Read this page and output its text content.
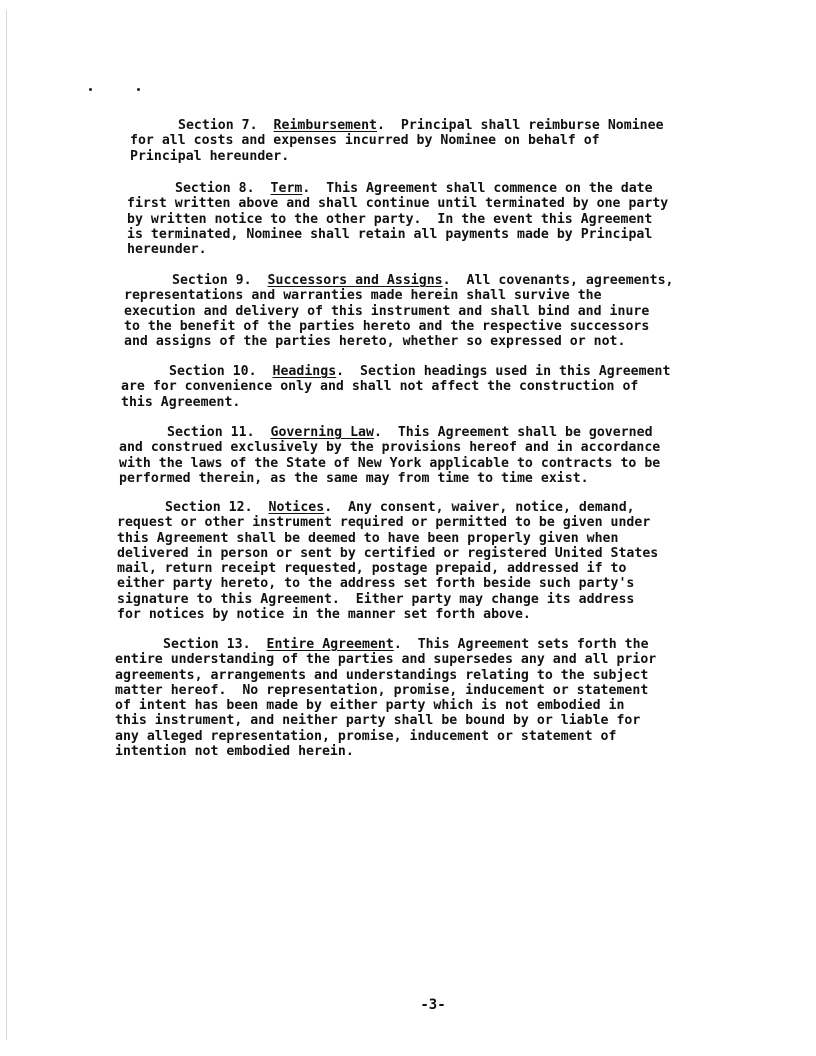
Section 7. Reimbursement.  Principal shall reimburse Nominee
for all costs and expenses incurred by Nominee on behalf of
Principal hereunder.
Section 8. Term.  This Agreement shall commence on the date
first written above and shall continue until terminated by one party
by written notice to the other party.  In the event this Agreement
is terminated, Nominee shall retain all payments made by Principal
hereunder.
Section 9. Successors and Assigns.  All covenants, agreements,
representations and warranties made herein shall survive the
execution and delivery of this instrument and shall bind and inure
to the benefit of the parties hereto and the respective successors
and assigns of the parties hereto, whether so expressed or not.
Section 10. Headings.  Section headings used in this Agreement
are for convenience only and shall not affect the construction of
this Agreement.
Section 11. Governing Law.  This Agreement shall be governed
and construed exclusively by the provisions hereof and in accordance
with the laws of the State of New York applicable to contracts to be
performed therein, as the same may from time to time exist.
Section 12. Notices.  Any consent, waiver, notice, demand,
request or other instrument required or permitted to be given under
this Agreement shall be deemed to have been properly given when
delivered in person or sent by certified or registered United States
mail, return receipt requested, postage prepaid, addressed if to
either party hereto, to the address set forth beside such party's
signature to this Agreement.  Either party may change its address
for notices by notice in the manner set forth above.
Section 13. Entire Agreement.  This Agreement sets forth the
entire understanding of the parties and supersedes any and all prior
agreements, arrangements and understandings relating to the subject
matter hereof.  No representation, promise, inducement or statement
of intent has been made by either party which is not embodied in
this instrument, and neither party shall be bound by or liable for
any alleged representation, promise, inducement or statement of
intention not embodied herein.
-3-
